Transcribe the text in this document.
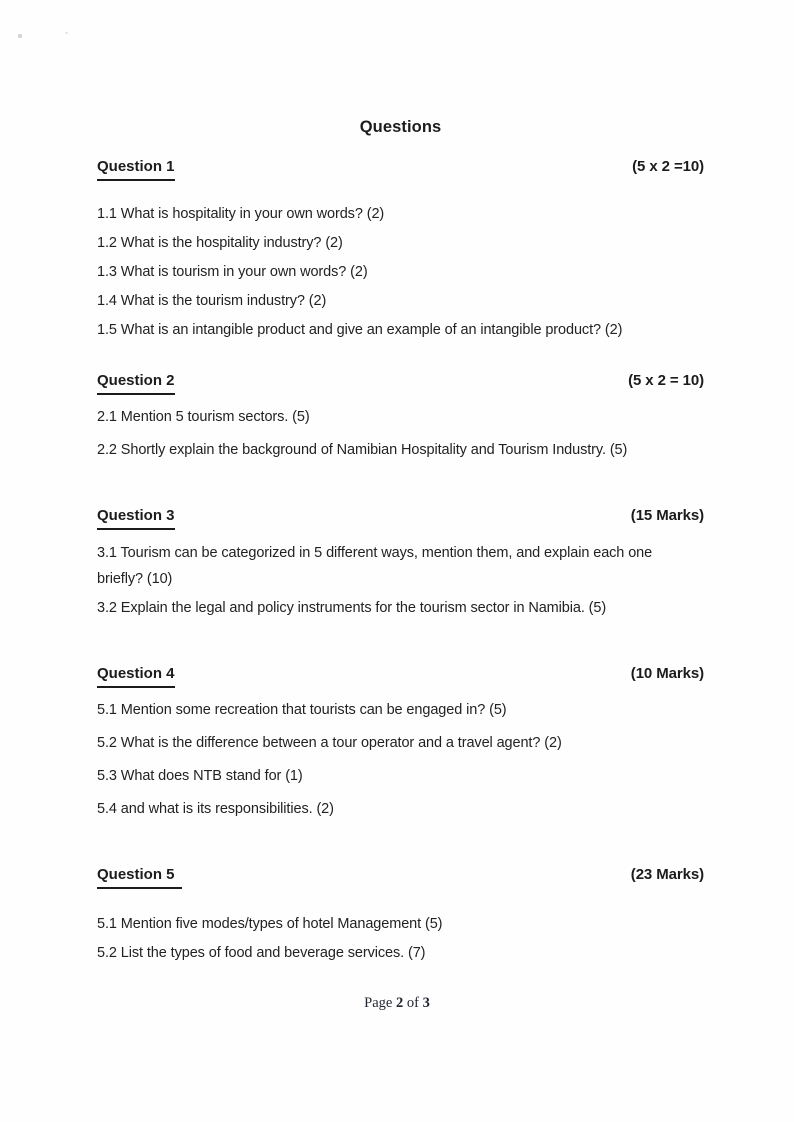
Questions
Question 1	(5 x 2 =10)

1.1 What is hospitality in your own words? (2)

1.2 What is the hospitality industry? (2)

1.3 What is tourism in your own words? (2)

1.4 What is the tourism industry? (2)

1.5 What is an intangible product and give an example of an intangible product? (2)

Question 2	(5 x 2 = 10)

2.1 Mention 5 tourism sectors. (5)

2.2 Shortly explain the background of Namibian Hospitality and Tourism Industry. (5)

Question 3	(15 Marks)

3.1 Tourism can be categorized in 5 different ways, mention them, and explain each one briefly? (10)

3.2 Explain the legal and policy instruments for the tourism sector in Namibia. (5)

Question 4	(10 Marks)

5.1 Mention some recreation that tourists can be engaged in? (5)

5.2 What is the difference between a tour operator and a travel agent? (2)

5.3 What does NTB stand for (1)

5.4 and what is its responsibilities. (2)

Question 5	(23 Marks)

5.1 Mention five modes/types of hotel Management (5)

5.2 List the types of food and beverage services. (7)

Page 2 of 3
